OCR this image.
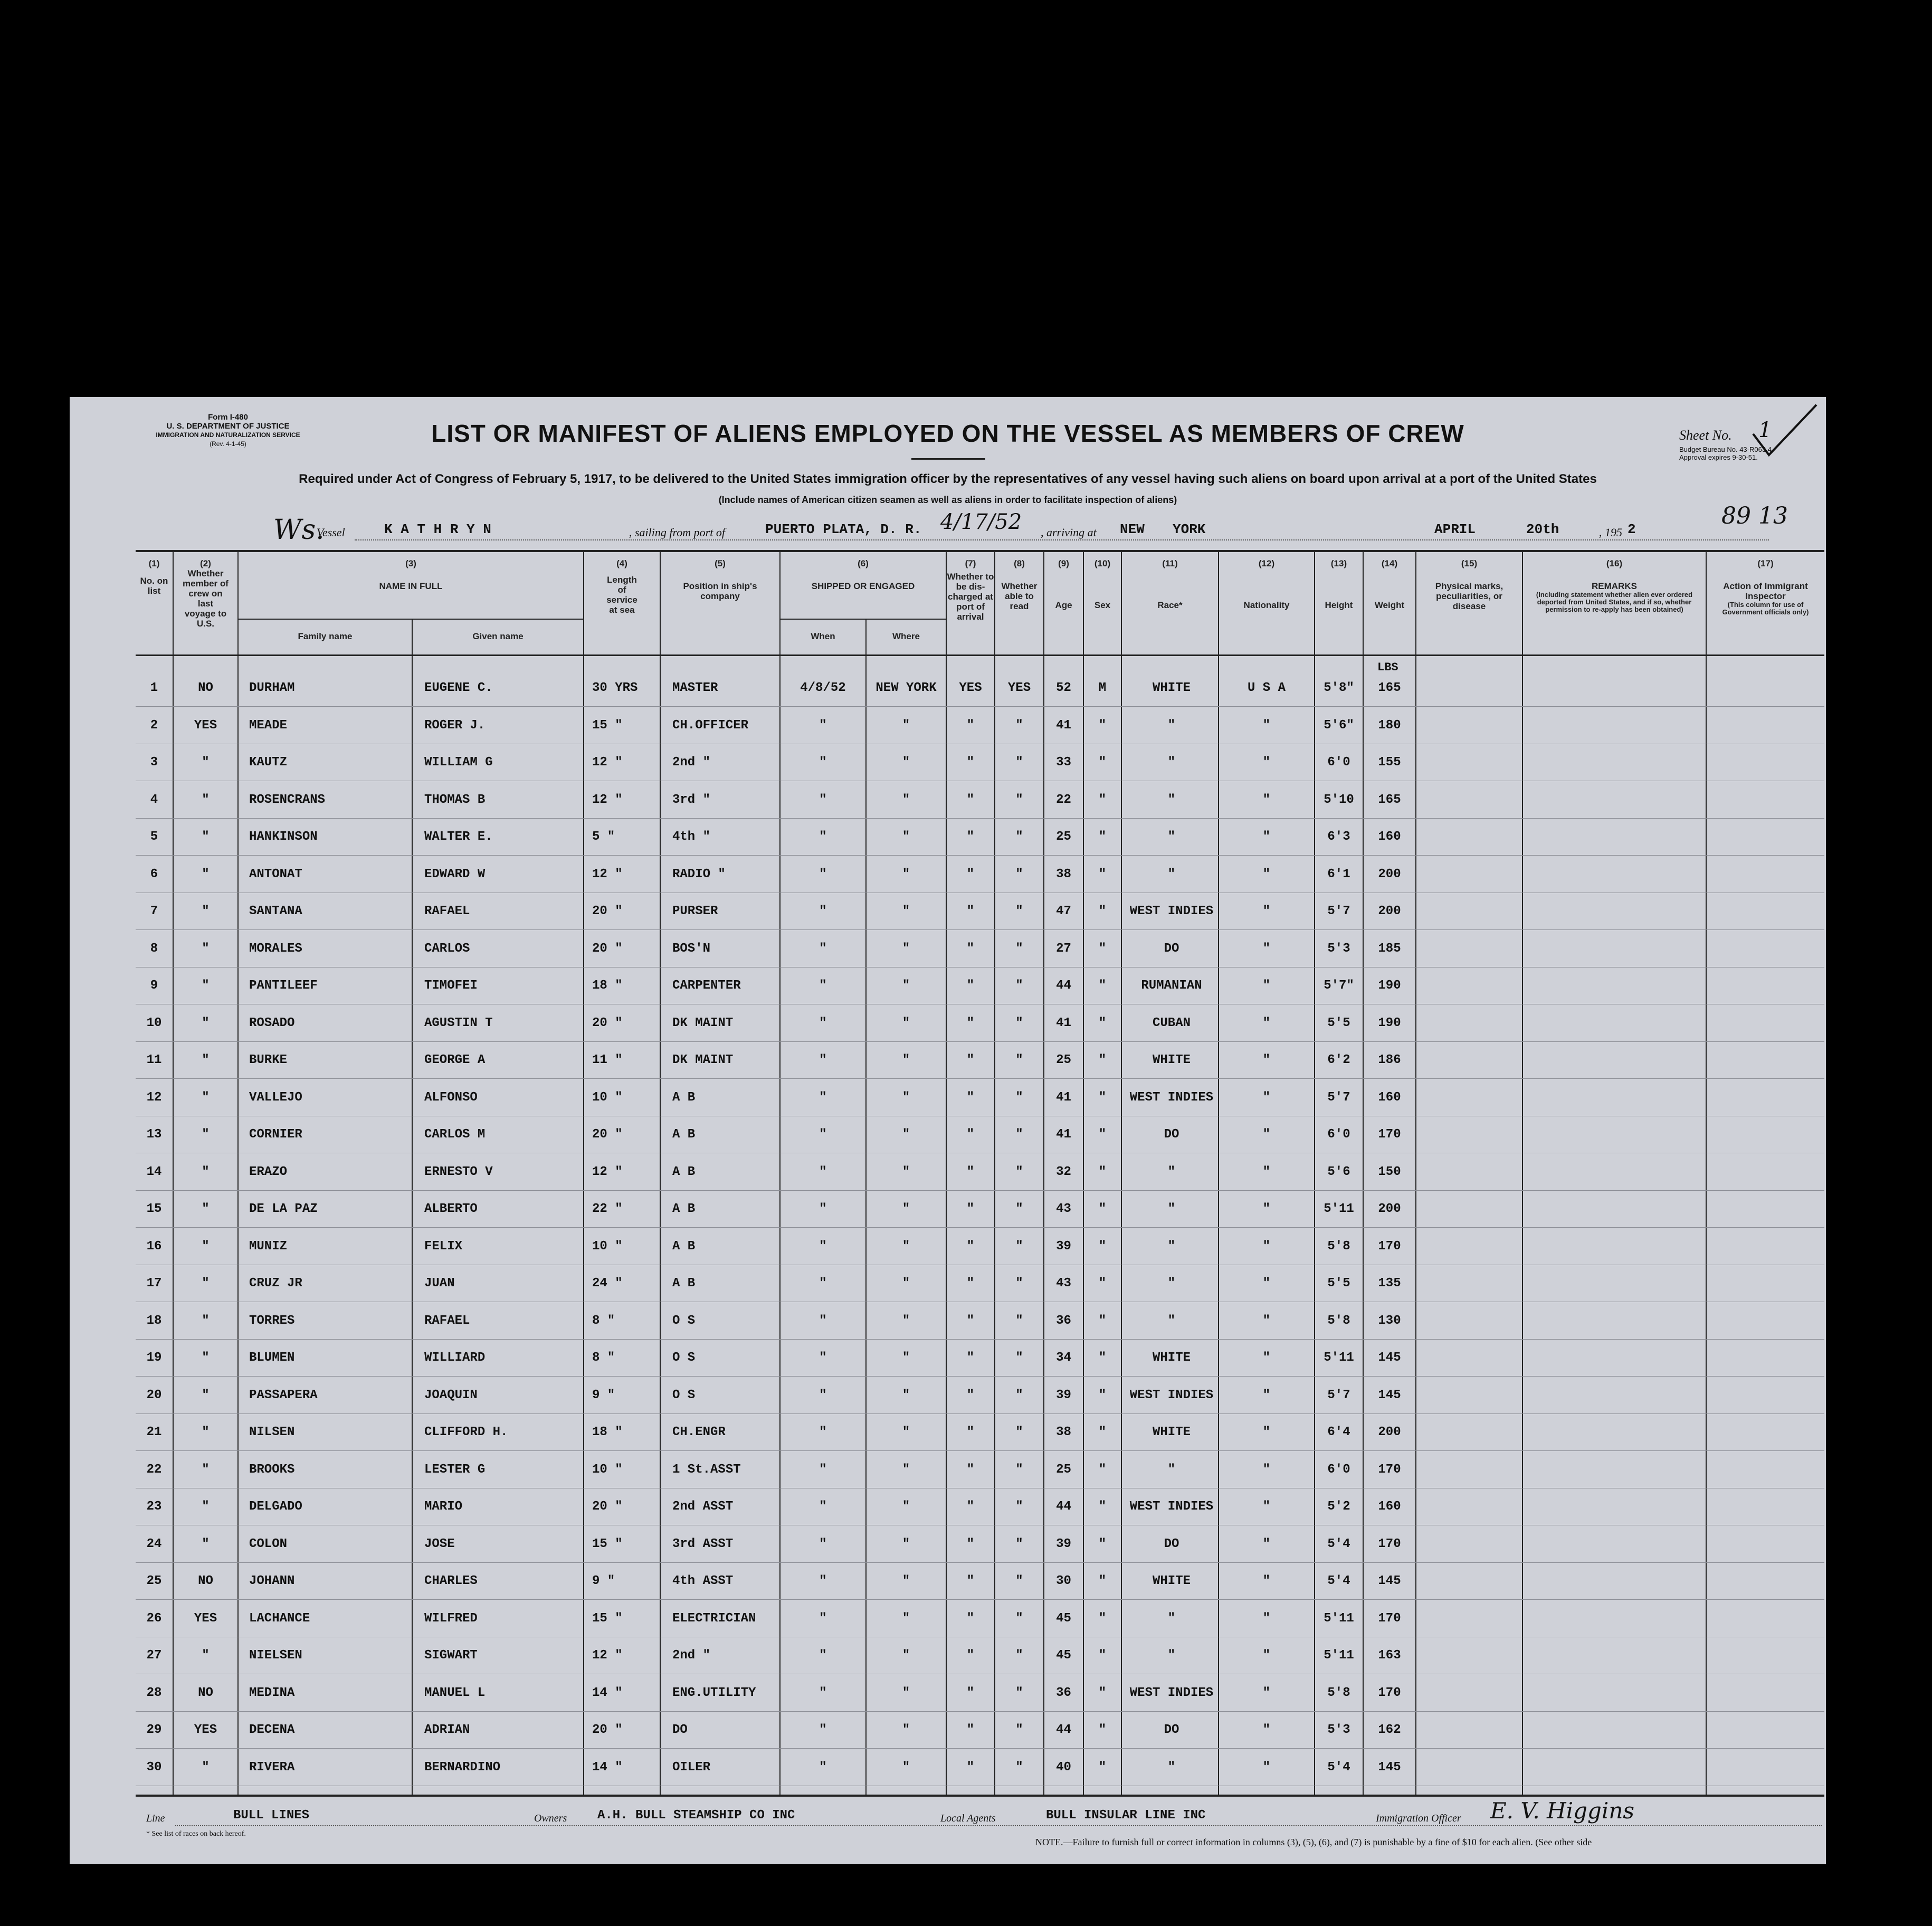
Form I-480
U. S. DEPARTMENT OF JUSTICE
IMMIGRATION AND NATURALIZATION SERVICE
(Rev. 4-1-45)	LIST OR MANIFEST OF ALIENS EMPLOYED ON THE VESSEL AS MEMBERS OF CREW
Required under Act of Congress of February 5, 1917, to be delivered to the United States immigration officer by the representatives of any vessel having such aliens on board upon arrival at a port of the United States
(Include names of American citizen seamen as well as aliens in order to facilitate inspection of aliens)
Sheet No. 1
Budget Bureau No. 43-R063.4.
Approval expires 9-30-51.
89 13
Ws.
Vessel	K A T H R Y N	, sailing from port of	PUERTO PLATA, D. R. 4/17/52 , arriving at NEW YORK	APRIL	20th	, 195 2
(1)
No. on list
(2)
Whether member of crew on last voyage to U.S.
(3)
NAME IN FULL
Family name	Given name
(4)
Length of service at sea
(5)
Position in ship's company
(6)
SHIPPED OR ENGAGED
When	Where
(7)
Whether to be dis-charged at port of arrival
(8)
Whether able to read
(9)
Age
(10)
Sex
(11)
Race*
(12)
Nationality
(13)
Height
(14)
Weight
(15)
Physical marks, peculiarities, or disease
(16)
REMARKS
(Including statement whether alien ever ordered deported from United States, and if so, whether permission to re-apply has been obtained)
(17)
Action of Immigrant Inspector
(This column for use of Government officials only)
LBS
1	NO	DURHAM	EUGENE C.	30 YRS	MASTER	4/8/52	NEW YORK	YES	YES	52	M	WHITE	U S A	5'8"	165
2	YES	MEADE	ROGER J.	15 "	CH.OFFICER	"	"	"	"	41	"	"	"	5'6"	180
3	"	KAUTZ	WILLIAM G	12 "	2nd "	"	"	"	"	33	"	"	"	6'0	155
4	"	ROSENCRANS	THOMAS B	12 "	3rd "	"	"	"	"	22	"	"	"	5'10	165
5	"	HANKINSON	WALTER E.	5 "	4th "	"	"	"	"	25	"	"	"	6'3	160
6	"	ANTONAT	EDWARD W	12 "	RADIO "	"	"	"	"	38	"	"	"	6'1	200
7	"	SANTANA	RAFAEL	20 "	PURSER	"	"	"	"	47	"	WEST INDIES	"	5'7	200
8	"	MORALES	CARLOS	20 "	BOS'N	"	"	"	"	27	"	DO	"	5'3	185
9	"	PANTILEEF	TIMOFEI	18 "	CARPENTER	"	"	"	"	44	"	RUMANIAN	"	5'7"	190
10	"	ROSADO	AGUSTIN T	20 "	DK MAINT	"	"	"	"	41	"	CUBAN	"	5'5	190
11	"	BURKE	GEORGE A	11 "	DK MAINT	"	"	"	"	25	"	WHITE	"	6'2	186
12	"	VALLEJO	ALFONSO	10 "	A B	"	"	"	"	41	"	WEST INDIES	"	5'7	160
13	"	CORNIER	CARLOS M	20 "	A B	"	"	"	"	41	"	DO	"	6'0	170
14	"	ERAZO	ERNESTO V	12 "	A B	"	"	"	"	32	"	"	"	5'6	150
15	"	DE LA PAZ	ALBERTO	22 "	A B	"	"	"	"	43	"	"	"	5'11	200
16	"	MUNIZ	FELIX	10 "	A B	"	"	"	"	39	"	"	"	5'8	170
17	"	CRUZ JR	JUAN	24 "	A B	"	"	"	"	43	"	"	"	5'5	135
18	"	TORRES	RAFAEL	8 "	O S	"	"	"	"	36	"	"	"	5'8	130
19	"	BLUMEN	WILLIARD	8 "	O S	"	"	"	"	34	"	WHITE	"	5'11	145
20	"	PASSAPERA	JOAQUIN	9 "	O S	"	"	"	"	39	"	WEST INDIES	"	5'7	145
21	"	NILSEN	CLIFFORD H.	18 "	CH.ENGR	"	"	"	"	38	"	WHITE	"	6'4	200
22	"	BROOKS	LESTER G	10 "	1 St.ASST	"	"	"	"	25	"	"	"	6'0	170
23	"	DELGADO	MARIO	20 "	2nd ASST	"	"	"	"	44	"	WEST INDIES	"	5'2	160
24	"	COLON	JOSE	15 "	3rd ASST	"	"	"	"	39	"	DO	"	5'4	170
25	NO	JOHANN	CHARLES	9 "	4th ASST	"	"	"	"	30	"	WHITE	"	5'4	145
26	YES	LACHANCE	WILFRED	15 "	ELECTRICIAN	"	"	"	"	45	"	"	"	5'11	170
27	"	NIELSEN	SIGWART	12 "	2nd "	"	"	"	"	45	"	"	"	5'11	163
28	NO	MEDINA	MANUEL L	14 "	ENG.UTILITY	"	"	"	"	36	"	WEST INDIES	"	5'8	170
29	YES	DECENA	ADRIAN	20 "	DO	"	"	"	"	44	"	DO	"	5'3	162
30	"	RIVERA	BERNARDINO	14 "	OILER	"	"	"	"	40	"	"	"	5'4	145
Line	BULL LINES	Owners A.H. BULL STEAMSHIP CO INC	Local Agents	BULL INSULAR LINE INC	Immigration Officer E. V. Higgins
* See list of races on back hereof.
NOTE.—Failure to furnish full or correct information in columns (3), (5), (6), and (7) is punishable by a fine of $10 for each alien. (See other side
